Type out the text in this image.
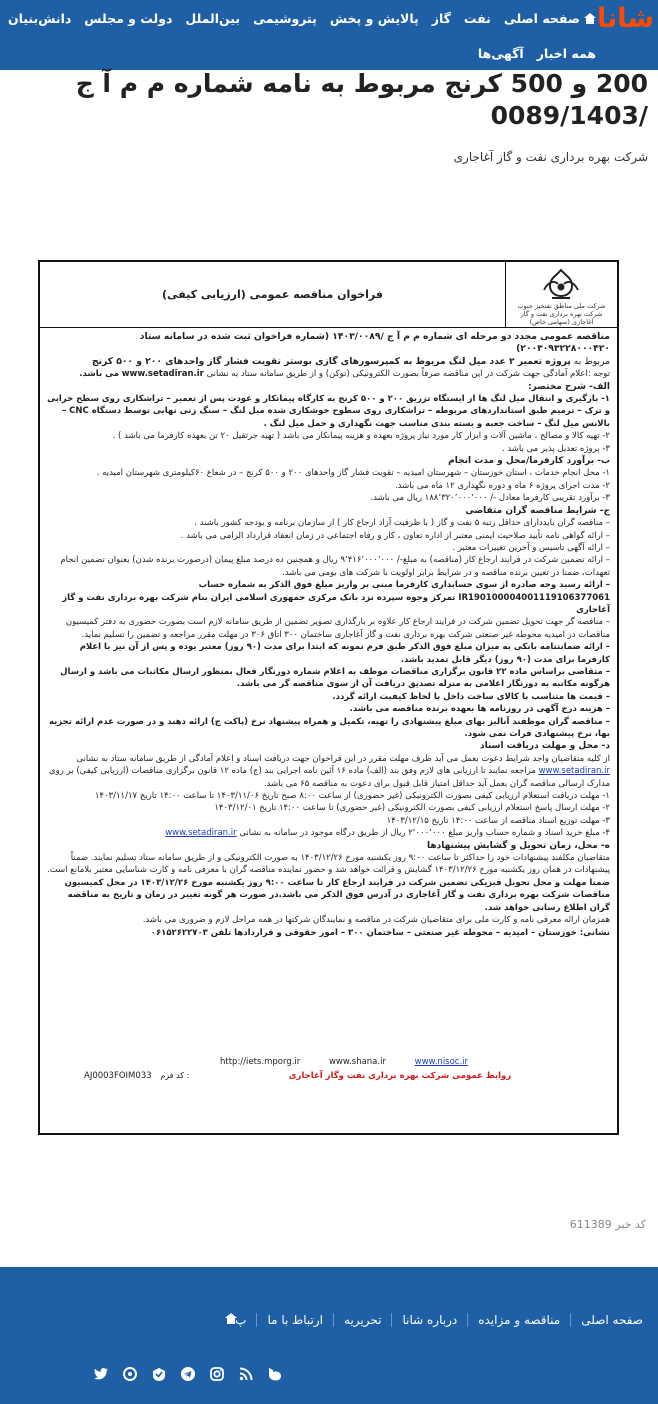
شانا
صفحه اصلی
نفت
گاز
پالایش و پخش
پتروشیمی
بین‌الملل
دولت و مجلس
دانش‌بنیان
همه اخبار
آگهی‌ها
200 و 500 کرنج مربوط به نامه شماره م م آ ج /0089/1403
شرکت بهره برداری نفت و گاز آغاجاری
شرکت ملی مناطق نفتخیز جنوب
شرکت بهره برداری نفت و گاز آغاجاری (سهامی خاص)
فراخوان مناقصه عمومی (ارزیابی کیفی)

مناقصه عمومی مجدد دو مرحله ای شماره م م آ ج /۱۴۰۳/۰۰۸۹ (شماره فراخوان ثبت شده در سامانه ستاد ۲۰۰۳۰۹۳۲۲۸۰۰۰۴۲۰)

مربوط به پروژه تعمیر ۲ عدد میل لنگ مربوط به کمپرسورهای گازی بوستر تقویت فشار گاز واحدهای ۲۰۰ و ۵۰۰ کرنج

توجه :اعلام آمادگی جهت شرکت در این مناقصه صرفاً بصورت الکترونیکی (توکن) و از طریق سامانه ستاد به نشانی www.setadiran.ir می باشد.

الف- شرح مختصر:

۱- بارگیری و انتقال میل لنگ ها از ایستگاه تزریق ۲۰۰ و ۵۰۰ کرنج به کارگاه پیمانکار و عودت پس از تعمیر – تراشکاری روی سطح خرابی و ترک – ترمیم طبق استانداردهای مربوطه – تراشکاری روی سطوح جوشکاری شده میل لنگ – سنگ زنی نهایی توسط دستگاه CNC – بالانس میل لنگ – ساخت جعبه و بسته بندی مناسب جهت نگهداری و حمل میل لنگ .

۲- تهیه کالا و مصالح ، ماشین آلات و ابزار کار مورد نیاز پروژه بعهده و هزینه پیمانکار می باشد ( تهیه جرثقیل ۲۰ تن بعهده کارفرما می باشد ) .

۳- پروژه تعدیل پذیر می باشد .

ب- برآورد کارفرما/محل و مدت انجام

۱- محل انجام خدمات ، استان خوزستان – شهرستان امیدیه – تقویت فشار گاز واحدهای ۲۰۰ و ۵۰۰ کرنج – در شعاع ۶۰کیلومتری شهرستان امیدیه .

۲- مدت اجرای پروژه ۶ ماه و دوره نگهداری ۱۲ ماه می باشد.

۳- برآورد تقریبی کارفرما معادل -/ ۱۸۸٬۳۲۰٬۰۰۰٬۰۰۰ ریال می باشد.

ج- شرایط مناقصه گران متقاضی

– مناقصه گران بایددارای حداقل رتبه ۵ نفت و گاز ( با ظرفیت آزاد ارجاع کار ) از سازمان برنامه و بودجه کشور باشند .

– ارائه گواهی نامه تأیید صلاحیت ایمنی معتبر از اداره تعاون ، کار و رفاه اجتماعی در زمان انعقاد قرارداد الزامی می باشد .

– ارائه آگهی تاسیس و آخرین تغییرات معتبر .

– ارائه تضمین شرکت در فرایند ارجاع کار (مناقصه) به مبلغ-/ ۹٬۴۱۶٬۰۰۰٬۰۰۰ ریال و همچنین ده درصد مبلغ پیمان (درصورت برنده شدن) بعنوان تضمین انجام تعهدات، ضمنا در تعیین برنده مناقصه و در شرایط برابر اولویت با شرکت های بومی می باشد.

– ارائه رسید وجه صادره از سوی حسابداری کارفرما مبنی بر واریز مبلغ فوق الذکر به شماره حساب IR190100004001119106377061 تمرکز وجوه سپرده نزد بانک مرکزی جمهوری اسلامی ایران بنام شرکت بهره برداری نفت و گاز آغاجاری

– مناقصه گر جهت تحویل تضمین شرکت در فرایند ارجاع کار علاوه بر بارگذاری تصویر تضمین از طریق سامانه لازم است بصورت حضوری به دفتر کمیسیون مناقصات در امیدیه محوطه غیر صنعتی شرکت بهره برداری نفت و گاز آغاجاری ساختمان ۳۰۰ اتاق ۳۰۶ در مهلت مقرر مراجعه و تضمین را تسلیم نماید.

– ارائه ضمانتنامه بانکی به میزان مبلغ فوق الذکر طبق فرم نمونه که ابتدا برای مدت (۹۰ روز) معتبر بوده و پس از آن نیز با اعلام کارفرما برای مدت (۹۰ روز) دیگر قابل تمدید باشد.

– متقاضی براساس ماده ۲۲ قانون برگزاری مناقصات موظف به اعلام شماره دورنگار فعال بمنظور ارسال مکاتبات می باشد و ارسال هرگونه مکاتبه به دورنگار اعلامی به منزله تصدیق دریافت آن از سوی مناقصه گر می باشد.

– قیمت ها متناسب با کالای ساخت داخل با لحاظ کیفیت ارائه گردد.

– هزینه درج آگهی در روزنامه ها بعهده برنده مناقصه می باشد.

– مناقصه گران موظفند آنالیز بهای مبلغ پیشنهادی را تهیه، تکمیل و همراه پیشنهاد نرخ (پاکت ج) ارائه دهند و در صورت عدم ارائه تجزیه بها، نرخ پیشنهادی فرات نمی شود.

د- محل و مهلت دریافت اسناد

از کلیه متقاضیان واجد شرایط دعوت بعمل می آید ظرف مهلت مقرر در این فراخوان جهت دریافت اسناد و اعلام آمادگی از طریق سامانه ستاد به نشانی www.setadiran.ir مراجعه نمایند تا ارزیابی های لازم وفق بند (الف) ماده ۱۶ آئین نامه اجرایی بند (ج) ماده ۱۲ قانون برگزاری مناقصات (ارزیابی کیفی) بر روی مدارک ارسالی مناقصه گران بعمل آید حداقل امتیاز قابل قبول برای دعوت به مناقصه ۶۵ می باشد.

۱- مهلت دریافت استعلام ارزیابی کیفی بصورت الکترونیکی (غیر حضوری) از ساعت ۸:۰۰ صبح تاریخ ۱۴۰۳/۱۱/۰۶ تا ساعت ۱۴:۰۰ تاریخ ۱۴۰۳/۱۱/۱۷

۲- مهلت ارسال پاسخ استعلام ارزیابی کیفی بصورت الکترونیکی (غیر حضوری) تا ساعت ۱۴:۰۰ تاریخ ۱۴۰۳/۱۲/۰۱

۳- مهلت توزیع اسناد مناقصه از ساعت ۱۴:۰۰ تاریخ ۱۴۰۳/۱۲/۱۵

۴- مبلغ خرید اسناد و شماره حساب واریز مبلغ ۲٬۰۰۰٬۰۰۰ ریال از طریق درگاه موجود در سامانه به نشانی www.setadiran.ir

ه- محل، زمان تحویل و گشایش پیشنهادها

متقاضیان مکلفند پیشنهادات خود را حداکثر تا ساعت ۹:۰۰ روز یکشنبه مورخ ۱۴۰۳/۱۲/۲۶ به صورت الکترونیکی و از طریق سامانه ستاد تسلیم نمایند. ضمناً پیشنهادات در همان روز یکشنبه مورخ ۱۴۰۳/۱۲/۲۶ گشایش و قرائت خواهد شد و حضور نماینده مناقصه گران با معرفی نامه و کارت شناسایی معتبر بلامانع است.

ضمنا مهلت و محل تحویل فیزیکی تضمین شرکت در فرایند ارجاع کار تا ساعت ۹:۰۰ روز یکشنبه مورخ ۱۴۰۳/۱۲/۲۶ در محل کمیسیون مناقصات شرکت بهره برداری نفت و گاز آغاجاری در آدرس فوق الذکر می باشد.در صورت هر گونه تغییر در زمان و تاریخ به مناقصه گران اطلاع رسانی خواهد شد.

همزمان ارائه معرفی نامه و کارت ملی برای متقاضیان شرکت در مناقصه و نمایندگان شرکتها در همه مراحل لازم و ضروری می باشد.

نشانی: خوزستان – امیدیه – محوطه غیر صنعتی – ساختمان ۳۰۰ – امور حقوقی و قراردادها تلفن ۰۶۱۵۲۶۲۲۷۰۳

http://iets.mporg.ir	www.shana.ir	www.nisoc.ir
AJ0003FOIM033 کد فرم :	روابط عمومی شرکت بهره برداری نفت وگاز آغاجاری
کد خبر 611389
صفحه اصلی
مناقصه و مزایده
درباره شانا
تحریریه
ارتباط با ما
پ
